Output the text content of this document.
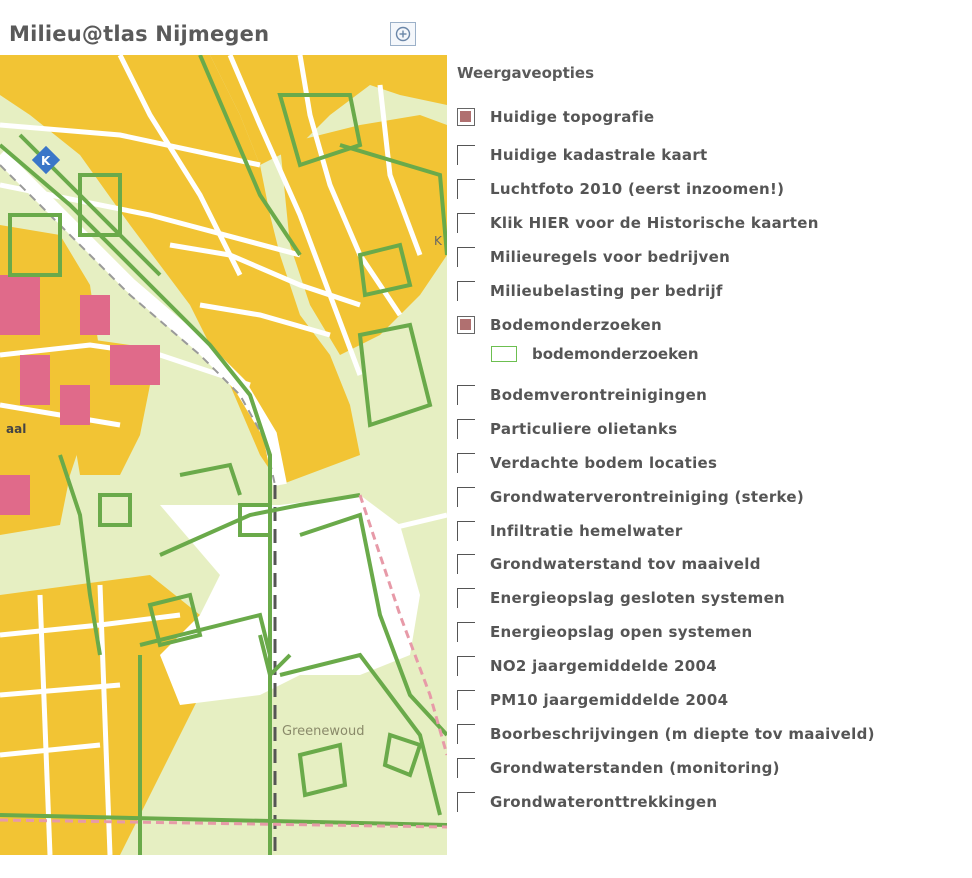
Milieu@tlas Nijmegen
K
Greenewoud
aal
K
Weergaveopties
Huidige topografie
Huidige kadastrale kaart
Luchtfoto 2010 (eerst inzoomen!)
Klik HIER voor de Historische kaarten
Milieuregels voor bedrijven
Milieubelasting per bedrijf
Bodemonderzoeken
Bodemverontreinigingen
Particuliere olietanks
Verdachte bodem locaties
Grondwaterverontreiniging (sterke)
Infiltratie hemelwater
Grondwaterstand tov maaiveld
Energieopslag gesloten systemen
Energieopslag open systemen
NO2 jaargemiddelde 2004
PM10 jaargemiddelde 2004
Boorbeschrijvingen (m diepte tov maaiveld)
Grondwaterstanden (monitoring)
Grondwateronttrekkingen
bodemonderzoeken
